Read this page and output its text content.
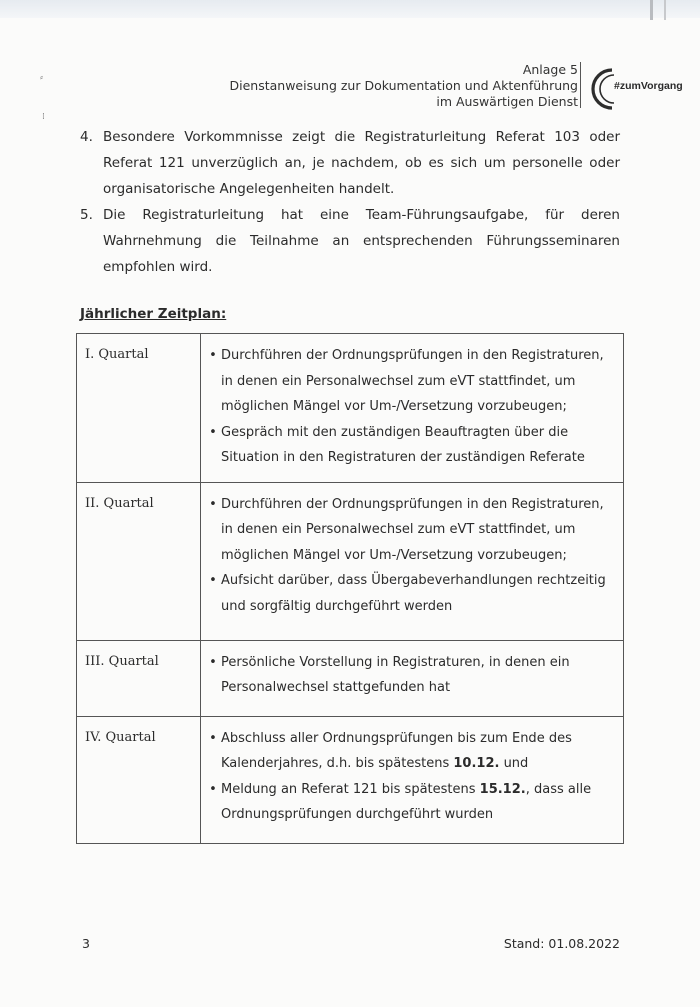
⸗
⁞
Anlage 5
Dienstanweisung zur Dokumentation und Aktenführung
im Auswärtigen Dienst
#zumVorgang
4. Besondere Vorkommnisse zeigt die Registraturleitung Referat 103 oder Referat 121 unverzüglich an, je nachdem, ob es sich um personelle oder organisatorische Angelegenheiten handelt.
5. Die Registraturleitung hat eine Team-Führungsaufgabe, für deren Wahrnehmung die Teilnahme an entsprechenden Führungsseminaren empfohlen wird.
Jährlicher Zeitplan:
I. Quartal	• Durchführen der Ordnungsprüfungen in den Registraturen, in denen ein Personalwechsel zum eVT stattfindet, um möglichen Mängel vor Um-/Versetzung vorzubeugen;
• Gespräch mit den zuständigen Beauftragten über die Situation in den Registraturen der zuständigen Referate

II. Quartal	• Durchführen der Ordnungsprüfungen in den Registraturen, in denen ein Personalwechsel zum eVT stattfindet, um möglichen Mängel vor Um-/Versetzung vorzubeugen;
• Aufsicht darüber, dass Übergabeverhandlungen rechtzeitig und sorgfältig durchgeführt werden

III. Quartal	• Persönliche Vorstellung in Registraturen, in denen ein Personalwechsel stattgefunden hat

IV. Quartal	• Abschluss aller Ordnungsprüfungen bis zum Ende des Kalenderjahres, d.h. bis spätestens 10.12. und
• Meldung an Referat 121 bis spätestens 15.12., dass alle Ordnungsprüfungen durchgeführt wurden
3	Stand: 01.08.2022
